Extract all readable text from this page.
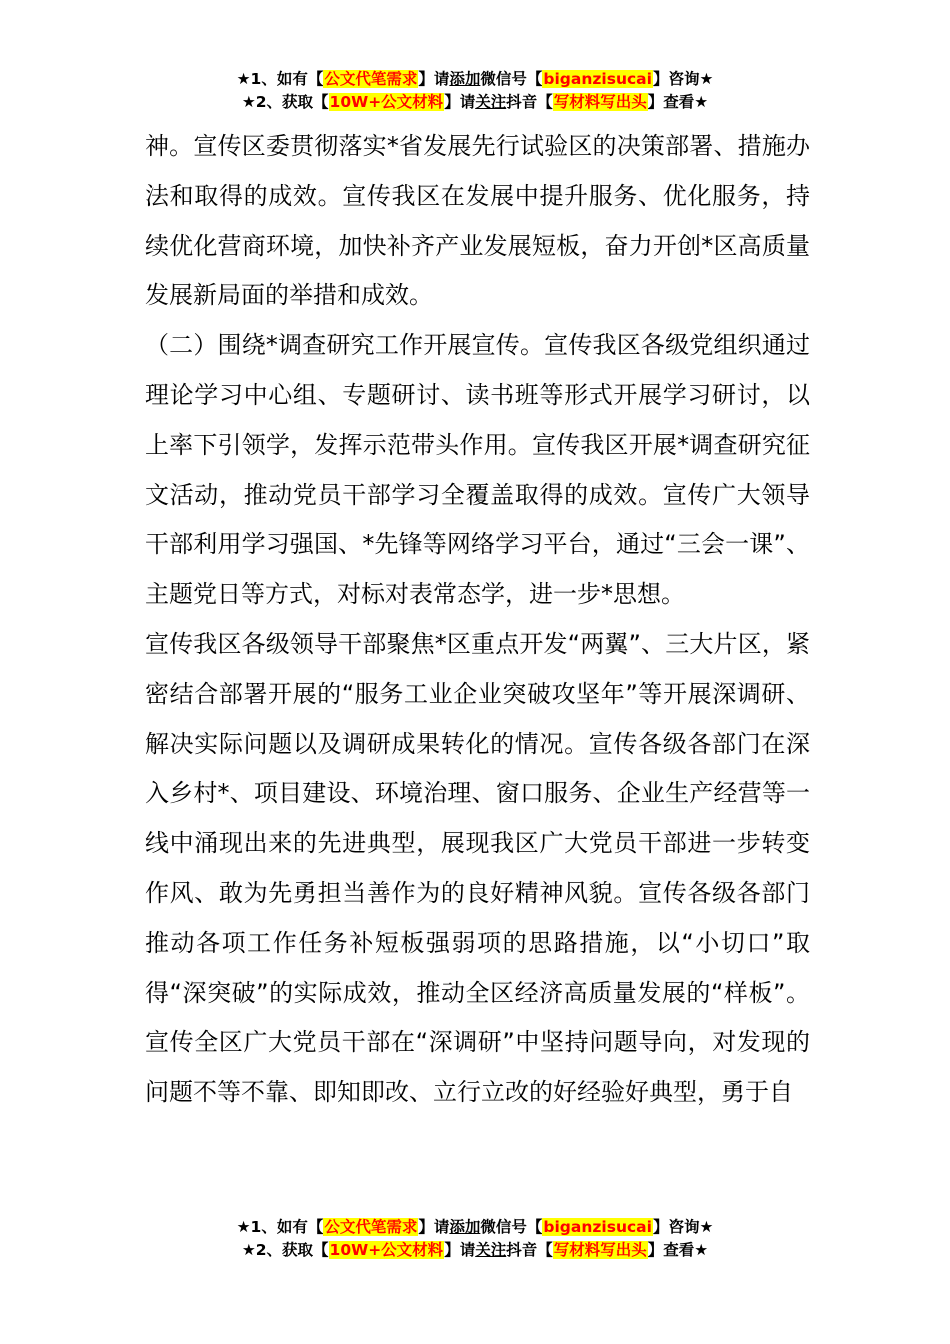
★1、如有【公文代笔需求】请添加微信号【biganzisucai】咨询★
★2、获取【10W+公文材料】请关注抖音【写材料写出头】查看★

神。宣传区委贯彻落实*省发展先行试验区的决策部署、措施办法和取得的成效。宣传我区在发展中提升服务、优化服务，持续优化营商环境，加快补齐产业发展短板，奋力开创*区高质量发展新局面的举措和成效。

（二）围绕*调查研究工作开展宣传。宣传我区各级党组织通过理论学习中心组、专题研讨、读书班等形式开展学习研讨，以上率下引领学，发挥示范带头作用。宣传我区开展*调查研究征文活动，推动党员干部学习全覆盖取得的成效。宣传广大领导干部利用学习强国、*先锋等网络学习平台，通过“三会一课”、主题党日等方式，对标对表常态学，进一步*思想。

宣传我区各级领导干部聚焦*区重点开发“两翼”、三大片区，紧密结合部署开展的“服务工业企业突破攻坚年”等开展深调研、解决实际问题以及调研成果转化的情况。宣传各级各部门在深入乡村*、项目建设、环境治理、窗口服务、企业生产经营等一线中涌现出来的先进典型，展现我区广大党员干部进一步转变作风、敢为先勇担当善作为的良好精神风貌。宣传各级各部门推动各项工作任务补短板强弱项的思路措施，以“小切口”取得“深突破”的实际成效，推动全区经济高质量发展的“样板”。宣传全区广大党员干部在“深调研”中坚持问题导向，对发现的问题不等不靠、即知即改、立行立改的好经验好典型，勇于自

★1、如有【公文代笔需求】请添加微信号【biganzisucai】咨询★
★2、获取【10W+公文材料】请关注抖音【写材料写出头】查看★
